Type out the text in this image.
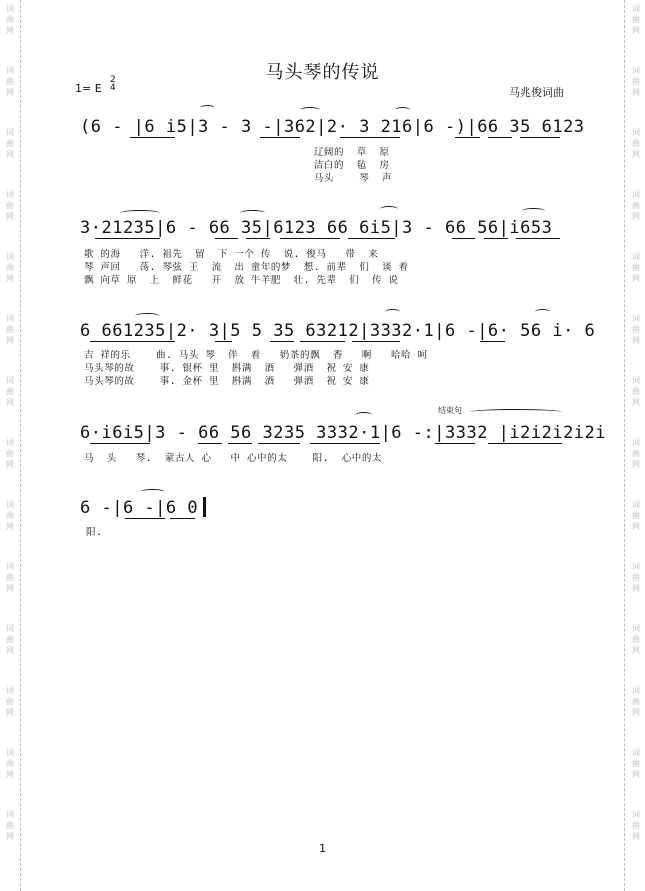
词
曲
网
词
曲
网
词
曲
网
词
曲
网
词
曲
网
词
曲
网
词
曲
网
词
曲
网
词
曲
网
词
曲
网
词
曲
网
词
曲
网
词
曲
网
词
曲
网
词
曲
网
词
曲
网
词
曲
网
词
曲
网
词
曲
网
词
曲
网
词
曲
网
词
曲
网
词
曲
网
词
曲
网
词
曲
网
词
曲
网
词
曲
网
词
曲
网
马头琴的传说
1= E
2
4	马兆俊词曲
(6 - |6 i5|3 - 3 -|362|2· 3 216|6 -)|66 35 6123
辽阔的  草  原
洁白的  毡  房
马头    琴  声
3·21235|6 - 66 35|6123 66 6i5|3 - 66 56|i653
歌 的海   洋. 祖先  留  下 一个 传  说. 俊马   带  来
琴 声回   荡. 琴弦 王  流  出 童年的梦  想. 前辈  们  谈 着
飘 向草 原  上  鲜花   开  放 牛羊肥  壮. 先辈  们  传 说
6 661235|2· 3|5 5 35 63212|3332·1|6 -|6· 56 i· 6
吉 祥的乐    曲. 马头 琴  伴  着   奶茶的飘  香   啊   哈哈 呵
马头琴的故    事. 银杯 里  斟满  酒   弹酒  祝 安 康
马头琴的故    事. 金杯 里  斟满  酒   弹酒  祝 安 康
结束句
6·i6i5|3 - 66 56 3235 3332·1|6 -:|3332 |i2i2i2i2i
马  头   琴.  蒙古人 心   中 心中的太    阳.  心中的太
6 -|6 -|6 0
阳.
1
